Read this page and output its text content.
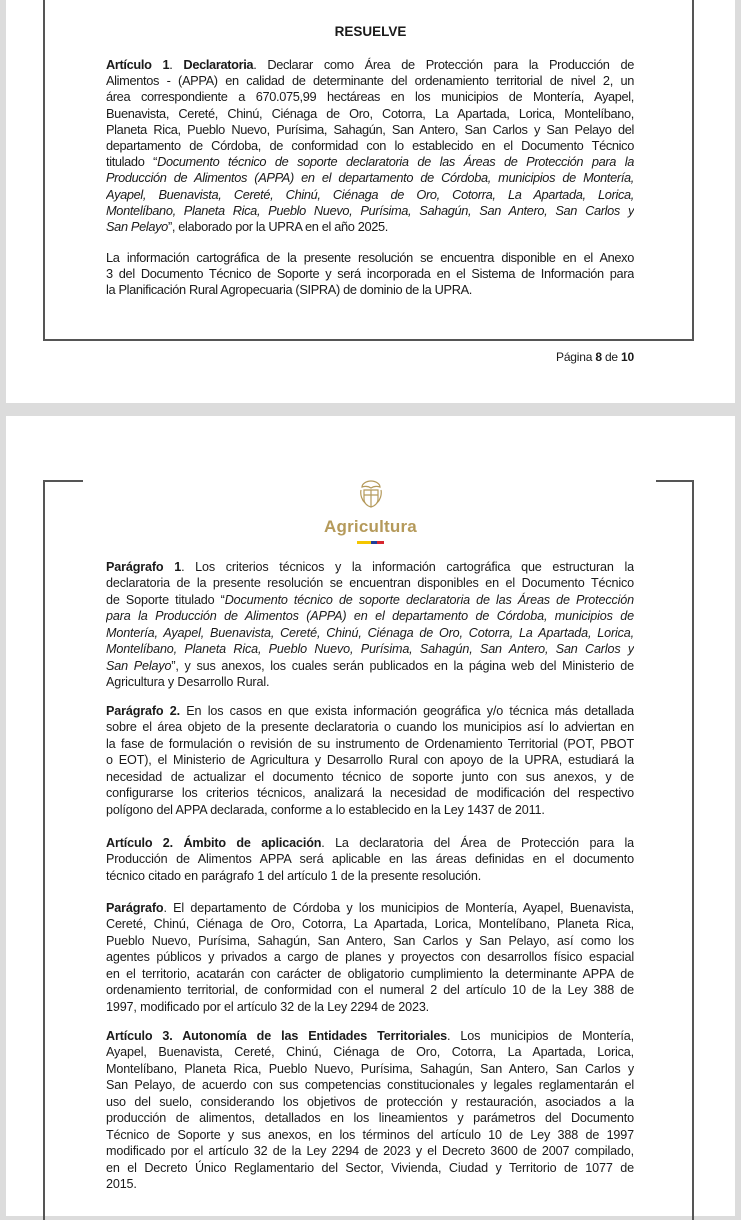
RESUELVE
Artículo 1. Declaratoria. Declarar como Área de Protección para la Producción de
Alimentos - (APPA) en calidad de determinante del ordenamiento territorial de nivel 2, un
área correspondiente a 670.075,99 hectáreas en los municipios de Montería, Ayapel,
Buenavista, Cereté, Chinú, Ciénaga de Oro, Cotorra, La Apartada, Lorica, Montelíbano,
Planeta Rica, Pueblo Nuevo, Purísima, Sahagún, San Antero, San Carlos y San Pelayo del
departamento de Córdoba, de conformidad con lo establecido en el Documento Técnico
titulado “Documento técnico de soporte declaratoria de las Áreas de Protección para la
Producción de Alimentos (APPA) en el departamento de Córdoba, municipios de Montería,
Ayapel, Buenavista, Cereté, Chinú, Ciénaga de Oro, Cotorra, La Apartada, Lorica,
Montelíbano, Planeta Rica, Pueblo Nuevo, Purísima, Sahagún, San Antero, San Carlos y
San Pelayo”, elaborado por la UPRA en el año 2025.
La información cartográfica de la presente resolución se encuentra disponible en el Anexo
3 del Documento Técnico de Soporte y será incorporada en el Sistema de Información para
la Planificación Rural Agropecuaria (SIPRA) de dominio de la UPRA.
Página 8 de 10
Agricultura
Parágrafo 1. Los criterios técnicos y la información cartográfica que estructuran la
declaratoria de la presente resolución se encuentran disponibles en el Documento Técnico
de Soporte titulado “Documento técnico de soporte declaratoria de las Áreas de Protección
para la Producción de Alimentos (APPA) en el departamento de Córdoba, municipios de
Montería, Ayapel, Buenavista, Cereté, Chinú, Ciénaga de Oro, Cotorra, La Apartada, Lorica,
Montelíbano, Planeta Rica, Pueblo Nuevo, Purísima, Sahagún, San Antero, San Carlos y
San Pelayo”, y sus anexos, los cuales serán publicados en la página web del Ministerio de
Agricultura y Desarrollo Rural.
Parágrafo 2. En los casos en que exista información geográfica y/o técnica más detallada
sobre el área objeto de la presente declaratoria o cuando los municipios así lo adviertan en
la fase de formulación o revisión de su instrumento de Ordenamiento Territorial (POT, PBOT
o EOT), el Ministerio de Agricultura y Desarrollo Rural con apoyo de la UPRA, estudiará la
necesidad de actualizar el documento técnico de soporte junto con sus anexos, y de
configurarse los criterios técnicos, analizará la necesidad de modificación del respectivo
polígono del APPA declarada, conforme a lo establecido en la Ley 1437 de 2011.
Artículo 2. Ámbito de aplicación. La declaratoria del Área de Protección para la
Producción de Alimentos APPA será aplicable en las áreas definidas en el documento
técnico citado en parágrafo 1 del artículo 1 de la presente resolución.
Parágrafo. El departamento de Córdoba y los municipios de Montería, Ayapel, Buenavista,
Cereté, Chinú, Ciénaga de Oro, Cotorra, La Apartada, Lorica, Montelíbano, Planeta Rica,
Pueblo Nuevo, Purísima, Sahagún, San Antero, San Carlos y San Pelayo, así como los
agentes públicos y privados a cargo de planes y proyectos con desarrollos físico espacial
en el territorio, acatarán con carácter de obligatorio cumplimiento la determinante APPA de
ordenamiento territorial, de conformidad con el numeral 2 del artículo 10 de la Ley 388 de
1997, modificado por el artículo 32 de la Ley 2294 de 2023.
Artículo 3. Autonomía de las Entidades Territoriales. Los municipios de Montería,
Ayapel, Buenavista, Cereté, Chinú, Ciénaga de Oro, Cotorra, La Apartada, Lorica,
Montelíbano, Planeta Rica, Pueblo Nuevo, Purísima, Sahagún, San Antero, San Carlos y
San Pelayo, de acuerdo con sus competencias constitucionales y legales reglamentarán el
uso del suelo, considerando los objetivos de protección y restauración, asociados a la
producción de alimentos, detallados en los lineamientos y parámetros del Documento
Técnico de Soporte y sus anexos, en los términos del artículo 10 de Ley 388 de 1997
modificado por el artículo 32 de la Ley 2294 de 2023 y el Decreto 3600 de 2007 compilado,
en el Decreto Único Reglamentario del Sector, Vivienda, Ciudad y Territorio de 1077 de
2015.
